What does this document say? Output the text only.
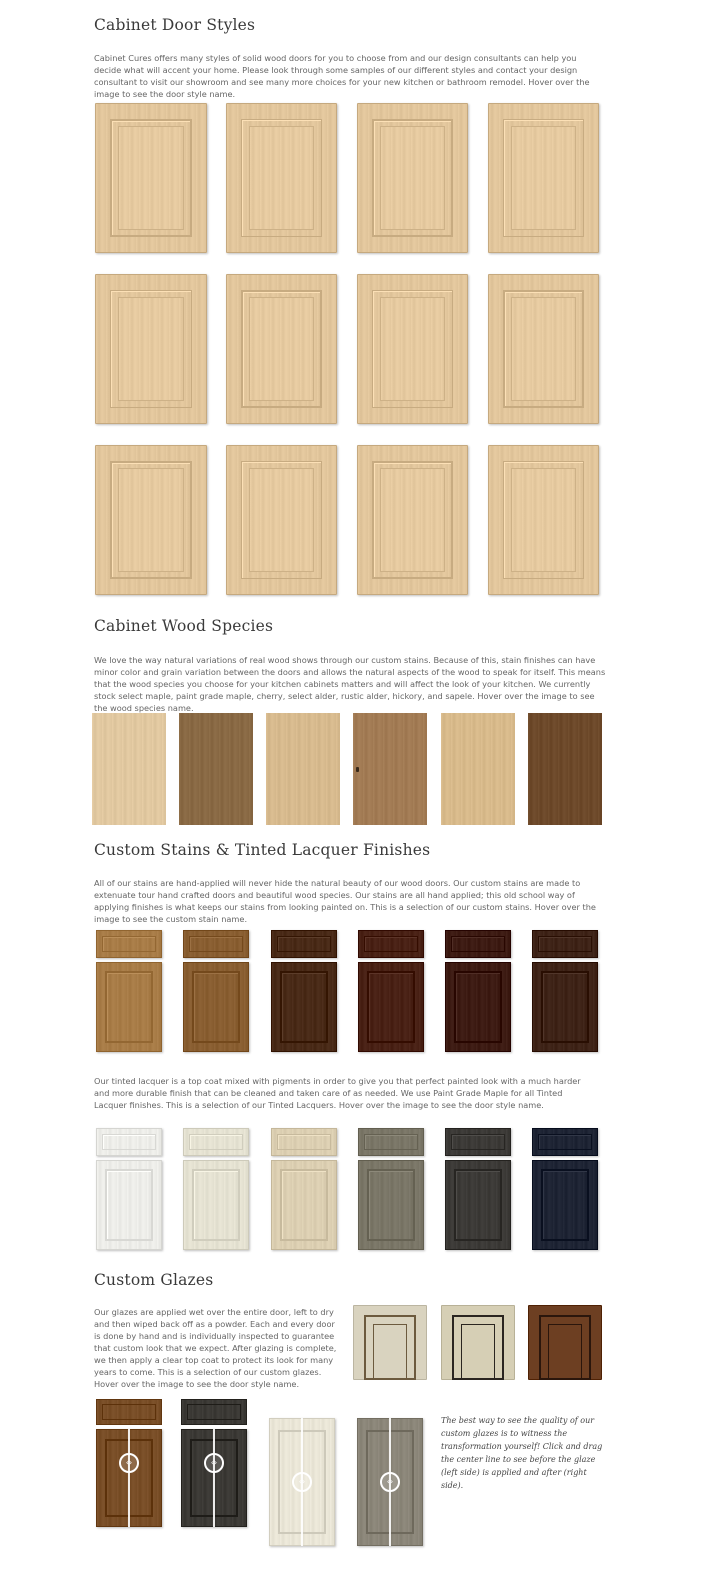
Cabinet Door Styles

Cabinet Cures offers many styles of solid wood doors for you to choose from and our design consultants can help you decide what will accent your home. Please look through some samples of our different styles and contact your design consultant to visit our showroom and see many more choices for your new kitchen or bathroom remodel. Hover over the image to see the door style name.

Cabinet Wood Species

We love the way natural variations of real wood shows through our custom stains. Because of this, stain finishes can have minor color and grain variation between the doors and allows the natural aspects of the wood to speak for itself. This means that the wood species you choose for your kitchen cabinets matters and will affect the look of your kitchen. We currently stock select maple, paint grade maple, cherry, select alder, rustic alder, hickory, and sapele. Hover over the image to see the wood species name.

Custom Stains & Tinted Lacquer Finishes

All of our stains are hand-applied will never hide the natural beauty of our wood doors. Our custom stains are made to extenuate tour hand crafted doors and beautiful wood species. Our stains are all hand applied; this old school way of applying finishes is what keeps our stains from looking painted on. This is a selection of our custom stains. Hover over the image to see the custom stain name.

Our tinted lacquer is a top coat mixed with pigments in order to give you that perfect painted look with a much harder and more durable finish that can be cleaned and taken care of as needed. We use Paint Grade Maple for all Tinted Lacquer finishes. This is a selection of our Tinted Lacquers. Hover over the image to see the door style name.

Custom Glazes

Our glazes are applied wet over the entire door, left to dry and then wiped back off as a powder. Each and every door is done by hand and is individually inspected to guarantee that custom look that we expect. After glazing is complete, we then apply a clear top coat to protect its look for many years to come. This is a selection of our custom glazes. Hover over the image to see the door style name.

‹›	‹›
‹›	‹›

The best way to see the quality of our custom glazes is to witness the transformation yourself! Click and drag the center line to see before the glaze (left side) is applied and after (right side).
